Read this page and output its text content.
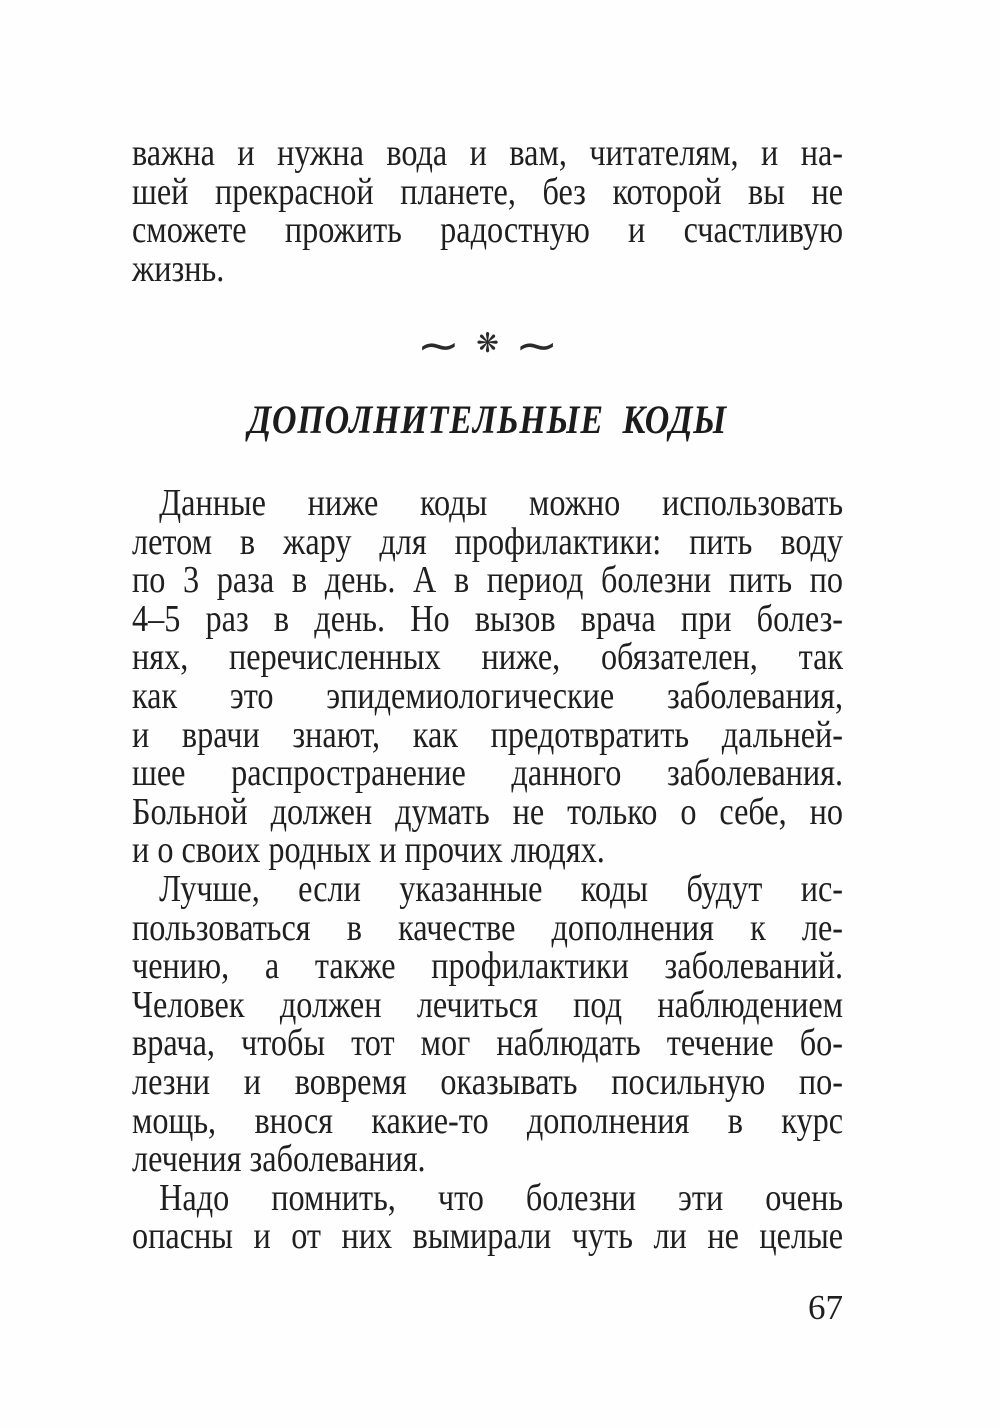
важна и нужна вода и вам, читателям, и на-
шей прекрасной планете, без которой вы не
сможете прожить радостную и счастливую
жизнь.
∼ ❋ ∼
ДОПОЛНИТЕЛЬНЫЕ  КОДЫ
Данные ниже коды можно использовать
летом в жару для профилактики: пить воду
по 3 раза в день. А в период болезни пить по
4–5 раз в день. Но вызов врача при болез-
нях, перечисленных ниже, обязателен, так
как это эпидемиологические заболевания,
и врачи знают, как предотвратить дальней-
шее распространение данного заболевания.
Больной должен думать не только о себе, но
и о своих родных и прочих людях.
Лучше, если указанные коды будут ис-
пользоваться в качестве дополнения к ле-
чению, а также профилактики заболеваний.
Человек должен лечиться под наблюдением
врача, чтобы тот мог наблюдать течение бо-
лезни и вовремя оказывать посильную по-
мощь, внося какие-то дополнения в курс
лечения заболевания.
Надо помнить, что болезни эти очень
опасны и от них вымирали чуть ли не целые
67
